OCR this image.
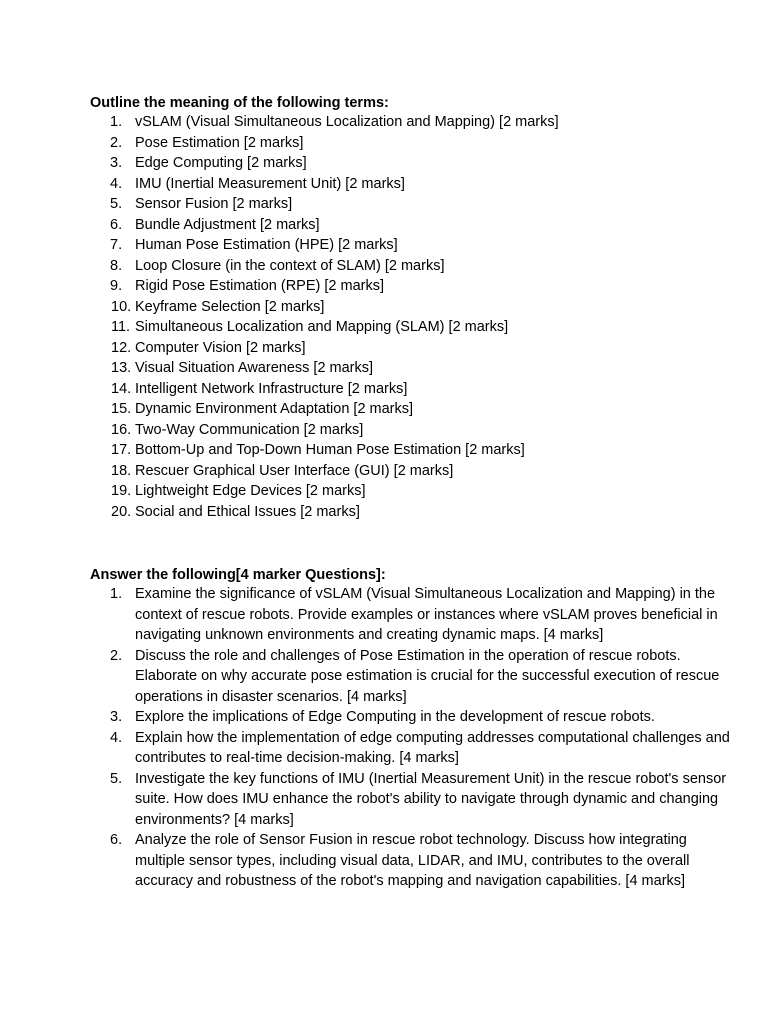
Outline the meaning of the following terms:
1. vSLAM (Visual Simultaneous Localization and Mapping) [2 marks]
2. Pose Estimation [2 marks]
3. Edge Computing [2 marks]
4. IMU (Inertial Measurement Unit) [2 marks]
5. Sensor Fusion [2 marks]
6. Bundle Adjustment [2 marks]
7. Human Pose Estimation (HPE) [2 marks]
8. Loop Closure (in the context of SLAM) [2 marks]
9. Rigid Pose Estimation (RPE) [2 marks]
10. Keyframe Selection [2 marks]
11. Simultaneous Localization and Mapping (SLAM) [2 marks]
12. Computer Vision [2 marks]
13. Visual Situation Awareness [2 marks]
14. Intelligent Network Infrastructure [2 marks]
15. Dynamic Environment Adaptation [2 marks]
16. Two-Way Communication [2 marks]
17. Bottom-Up and Top-Down Human Pose Estimation [2 marks]
18. Rescuer Graphical User Interface (GUI) [2 marks]
19. Lightweight Edge Devices [2 marks]
20. Social and Ethical Issues [2 marks]
Answer the following[4 marker Questions]:
1. Examine the significance of vSLAM (Visual Simultaneous Localization and Mapping) in the context of rescue robots. Provide examples or instances where vSLAM proves beneficial in navigating unknown environments and creating dynamic maps. [4 marks]
2. Discuss the role and challenges of Pose Estimation in the operation of rescue robots. Elaborate on why accurate pose estimation is crucial for the successful execution of rescue operations in disaster scenarios. [4 marks]
3. Explore the implications of Edge Computing in the development of rescue robots.
4. Explain how the implementation of edge computing addresses computational challenges and contributes to real-time decision-making. [4 marks]
5. Investigate the key functions of IMU (Inertial Measurement Unit) in the rescue robot's sensor suite. How does IMU enhance the robot's ability to navigate through dynamic and changing environments? [4 marks]
6. Analyze the role of Sensor Fusion in rescue robot technology. Discuss how integrating multiple sensor types, including visual data, LIDAR, and IMU, contributes to the overall accuracy and robustness of the robot's mapping and navigation capabilities. [4 marks]
